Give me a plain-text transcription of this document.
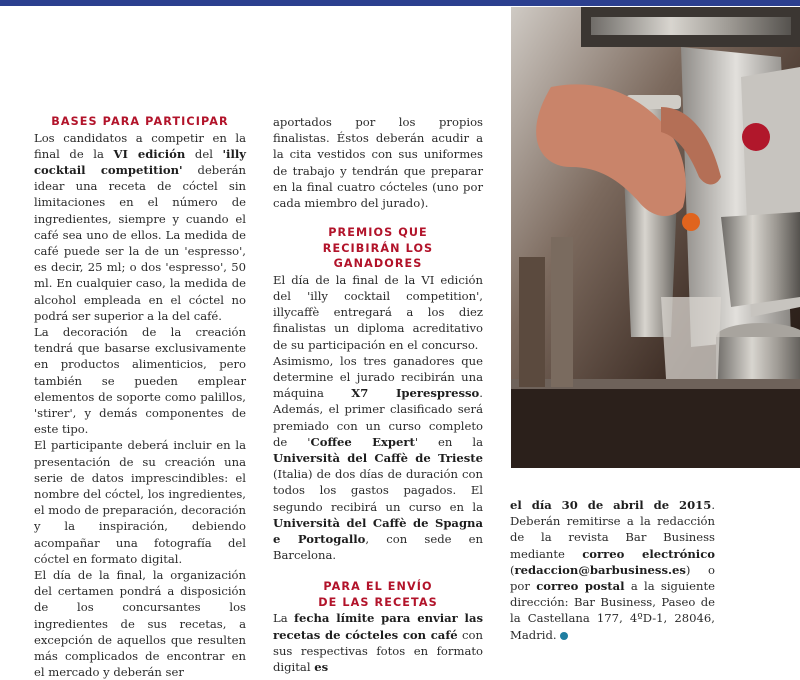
BASES PARA PARTICIPAR

Los candidatos a competir en la final de la VI edición del 'illy cocktail competition' deberán idear una receta de cóctel sin limitaciones en el número de ingredientes, siempre y cuando el café sea uno de ellos. La medida de café puede ser la de un 'espresso', es decir, 25 ml; o dos 'espresso', 50 ml. En cualquier caso, la medida de alcohol empleada en el cóctel no podrá ser superior a la del café.

La decoración de la creación tendrá que basarse exclusivamente en productos alimenticios, pero también se pueden emplear elementos de soporte como palillos, 'stirer', y demás componentes de este tipo.

El participante deberá incluir en la presentación de su creación una serie de datos imprescindibles: el nombre del cóctel, los ingredientes, el modo de preparación, decoración y la inspiración, debiendo acompañar una fotografía del cóctel en formato digital.

El día de la final, la organización del certamen pondrá a disposición de los concursantes los ingredientes de sus recetas, a excepción de aquellos que resulten más complicados de encontrar en el mercado y deberán ser

aportados por los propios finalistas. Éstos deberán acudir a la cita vestidos con sus uniformes de trabajo y tendrán que preparar en la final cuatro cócteles (uno por cada miembro del jurado).

PREMIOS QUE RECIBIRÁN LOS GANADORES

El día de la final de la VI edición del 'illy cocktail competition', illycaffè entregará a los diez finalistas un diploma acreditativo de su participación en el concurso.

Asimismo, los tres ganadores que determine el jurado recibirán una máquina X7 Iperespresso. Además, el primer clasificado será premiado con un curso completo de 'Coffee Expert' en la Università del Caffè de Trieste (Italia) de dos días de duración con todos los gastos pagados. El segundo recibirá un curso en la Università del Caffè de Spagna e Portogallo, con sede en Barcelona.

PARA EL ENVÍO DE LAS RECETAS

La fecha límite para enviar las recetas de cócteles con café con sus respectivas fotos en formato digital es

el día 30 de abril de 2015. Deberán remitirse a la redacción de la revista Bar Business mediante correo electrónico (redaccion@barbusiness.es) o por correo postal a la siguiente dirección: Bar Business, Paseo de la Castellana 177, 4ºD-1, 28046, Madrid.
